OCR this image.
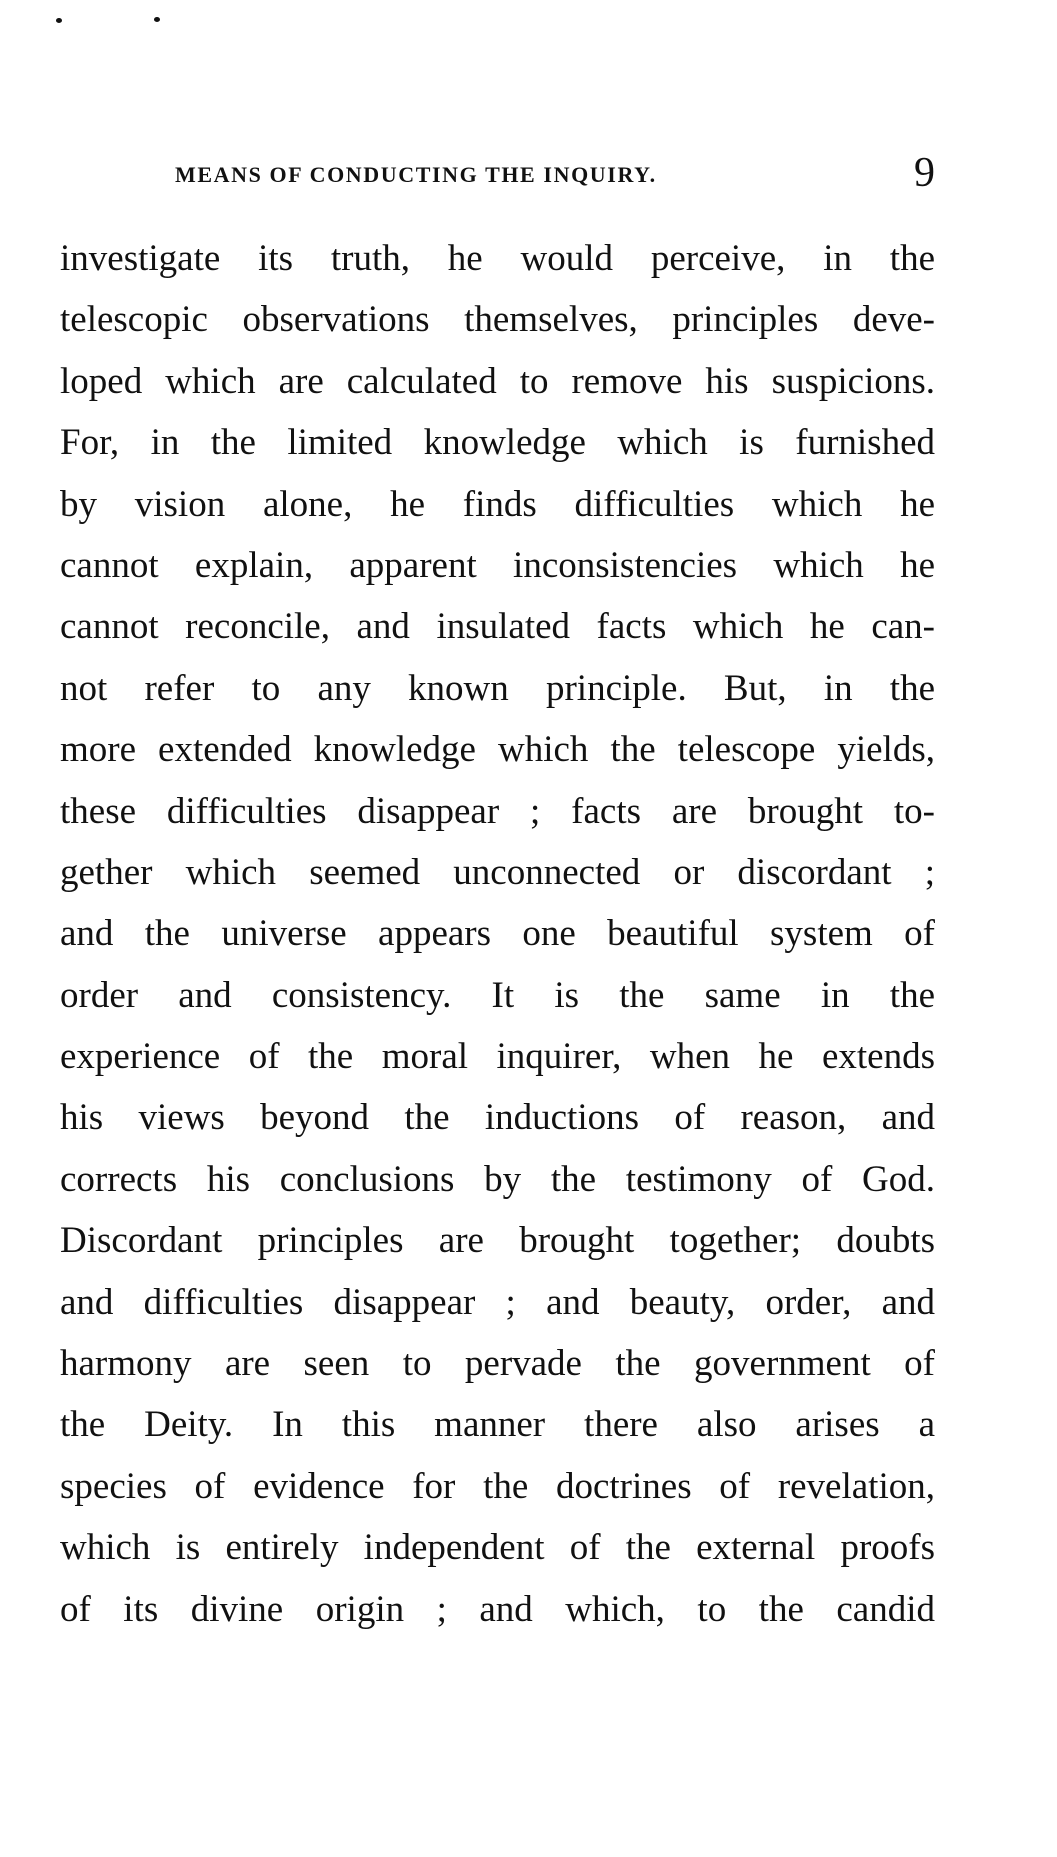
MEANS OF CONDUCTING THE INQUIRY.	9
investigate its truth, he would perceive, in the
telescopic observations themselves, principles deve-
loped which are calculated to remove his suspicions.
For, in the limited knowledge which is furnished
by vision alone, he finds difficulties which he
cannot explain, apparent inconsistencies which he
cannot reconcile, and insulated facts which he can-
not refer to any known principle. But, in the
more extended knowledge which the telescope yields,
these difficulties disappear ; facts are brought to-
gether which seemed unconnected or discordant ;
and the universe appears one beautiful system of
order and consistency. It is the same in the
experience of the moral inquirer, when he extends
his views beyond the inductions of reason, and
corrects his conclusions by the testimony of God.
Discordant principles are brought together; doubts
and difficulties disappear ; and beauty, order, and
harmony are seen to pervade the government of
the Deity. In this manner there also arises a
species of evidence for the doctrines of revelation,
which is entirely independent of the external proofs
of its divine origin ; and which, to the candid
